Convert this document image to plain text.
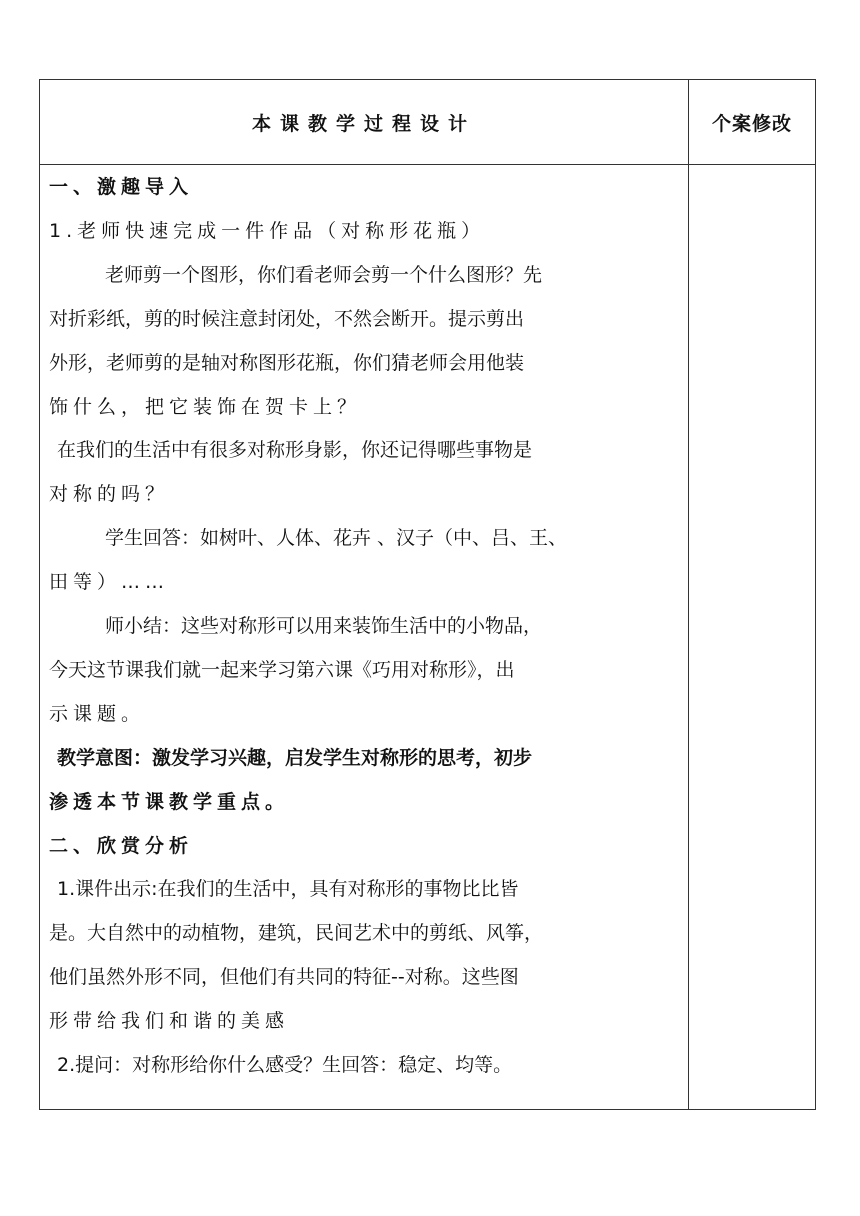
本课教学过程设计	个案修改
一、激趣导入
1.老师快速完成一件作品（对称形花瓶）
老师剪一个图形，你们看老师会剪一个什么图形？先
对折彩纸，剪的时候注意封闭处，不然会断开。提示剪出
外形，老师剪的是轴对称图形花瓶，你们猜老师会用他装
饰什么，把它装饰在贺卡上？
在我们的生活中有很多对称形身影，你还记得哪些事物是
对称的吗？
学生回答：如树叶、人体、花卉 、汉子（中、吕、王、
田等）……
师小结：这些对称形可以用来装饰生活中的小物品，
今天这节课我们就一起来学习第六课《巧用对称形》，出
示课题。
教学意图：激发学习兴趣，启发学生对称形的思考，初步
渗透本节课教学重点。
二、欣赏分析
1.课件出示:在我们的生活中，具有对称形的事物比比皆
是。大自然中的动植物，建筑，民间艺术中的剪纸、风筝，
他们虽然外形不同，但他们有共同的特征--对称。这些图
形带给我们和谐的美感
2.提问：对称形给你什么感受？生回答：稳定、均等。
